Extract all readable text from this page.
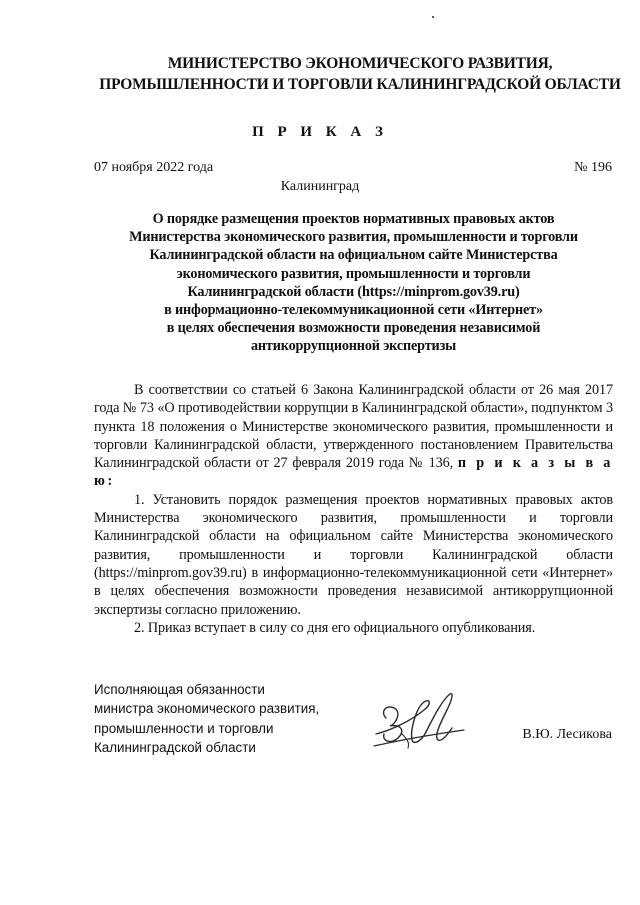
МИНИСТЕРСТВО ЭКОНОМИЧЕСКОГО РАЗВИТИЯ,
ПРОМЫШЛЕННОСТИ И ТОРГОВЛИ КАЛИНИНГРАДСКОЙ ОБЛАСТИ
П Р И К А З
07 ноября 2022 года	№ 196
Калининград
О порядке размещения проектов нормативных правовых актов
Министерства экономического развития, промышленности и торговли
Калининградской области на официальном сайте Министерства
экономического развития, промышленности и торговли
Калининградской области (https://minprom.gov39.ru)
в информационно-телекоммуникационной сети «Интернет»
в целях обеспечения возможности проведения независимой
антикоррупционной экспертизы

В соответствии со статьей 6 Закона Калининградской области от 26 мая 2017 года № 73 «О противодействии коррупции в Калининградской области», подпунктом 3 пункта 18 положения о Министерстве экономического развития, промышленности и торговли Калининградской области, утвержденного постановлением Правительства Калининградской области от 27 февраля 2019 года № 136, п р и к а з ы в а ю:

1. Установить порядок размещения проектов нормативных правовых актов Министерства экономического развития, промышленности и торговли Калининградской области на официальном сайте Министерства экономического развития, промышленности и торговли Калининградской области (https://minprom.gov39.ru) в информационно-телекоммуникационной сети «Интернет» в целях обеспечения возможности проведения независимой антикоррупционной экспертизы согласно приложению.

2. Приказ вступает в силу со дня его официального опубликования.

Исполняющая обязанности
министра экономического развития,
промышленности и торговли
Калининградской области
В.Ю. Лесикова
